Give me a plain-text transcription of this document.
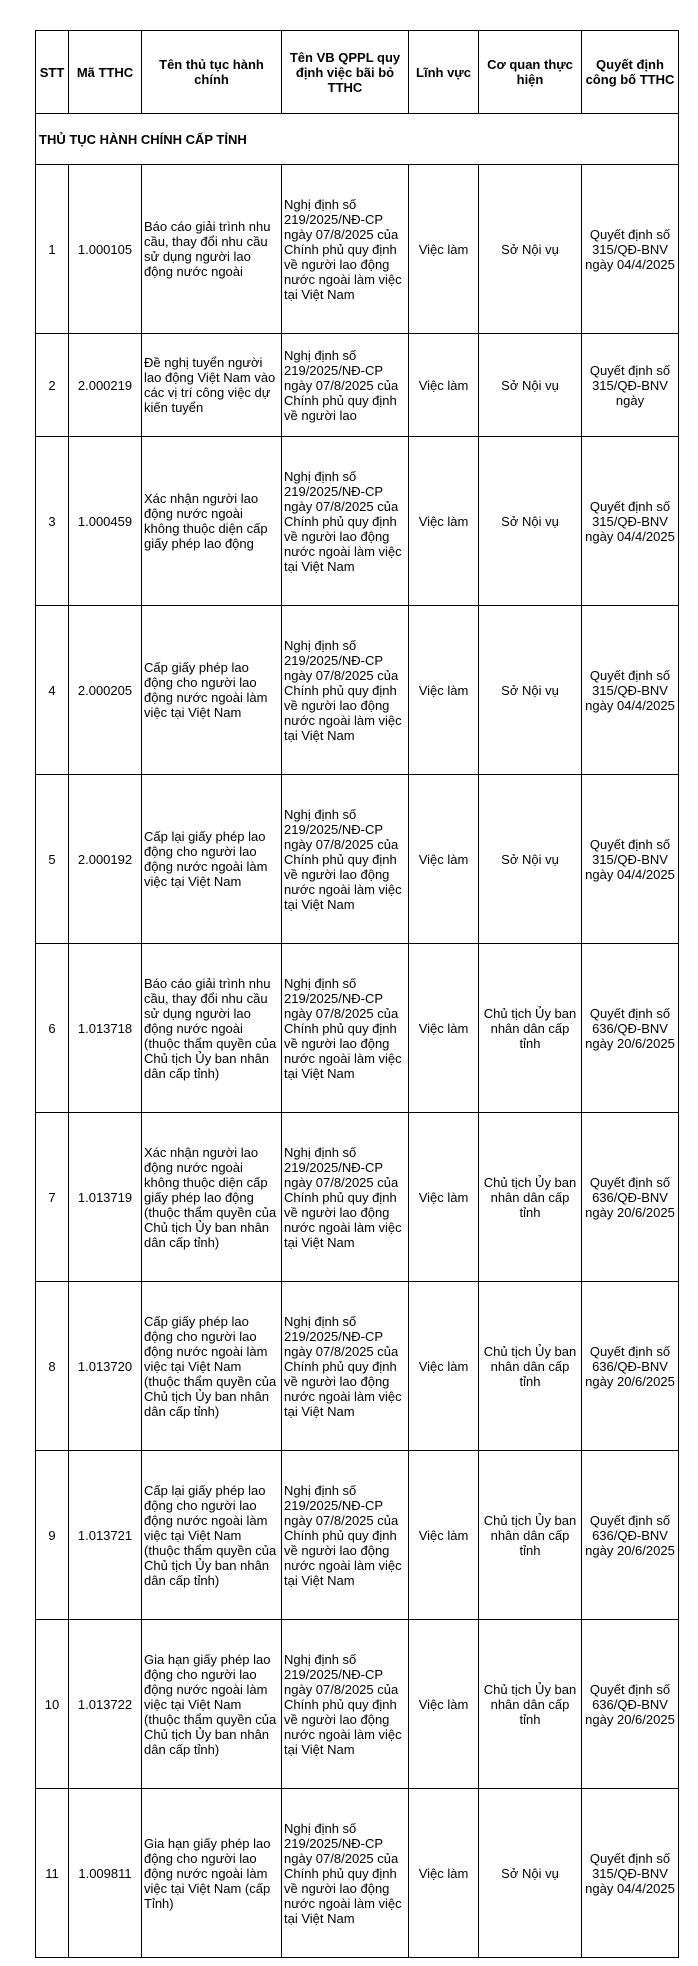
STT	Mã TTHC	Tên thủ tục hành chính	Tên VB QPPL quy định việc bãi bỏ TTHC	Lĩnh vực	Cơ quan thực hiện	Quyết định công bố TTHC
THỦ TỤC HÀNH CHÍNH CẤP TỈNH						

1	1.000105	Báo cáo giải trình nhu cầu, thay đổi nhu cầu sử dụng người lao động nước ngoài	Nghị định số 219/2025/NĐ-CP ngày 07/8/2025 của Chính phủ quy định về người lao động nước ngoài làm việc tại Việt Nam	Việc làm	Sở Nội vụ	Quyết định số 315/QĐ-BNV ngày 04/4/2025

2	2.000219	Đề nghị tuyển người lao động Việt Nam vào các vị trí công việc dự kiến tuyển	Nghị định số 219/2025/NĐ-CP ngày 07/8/2025 của Chính phủ quy định về người lao	Việc làm	Sở Nội vụ	Quyết định số 315/QĐ-BNV ngày

3	1.000459	Xác nhận người lao động nước ngoài không thuộc diện cấp giấy phép lao động	Nghị định số 219/2025/NĐ-CP ngày 07/8/2025 của Chính phủ quy định về người lao động nước ngoài làm việc tại Việt Nam	Việc làm	Sở Nội vụ	Quyết định số 315/QĐ-BNV ngày 04/4/2025

4	2.000205	Cấp giấy phép lao động cho người lao động nước ngoài làm việc tại Việt Nam	Nghị định số 219/2025/NĐ-CP ngày 07/8/2025 của Chính phủ quy định về người lao động nước ngoài làm việc tại Việt Nam	Việc làm	Sở Nội vụ	Quyết định số 315/QĐ-BNV ngày 04/4/2025

5	2.000192	Cấp lại giấy phép lao động cho người lao động nước ngoài làm việc tại Việt Nam	Nghị định số 219/2025/NĐ-CP ngày 07/8/2025 của Chính phủ quy định về người lao động nước ngoài làm việc tại Việt Nam	Việc làm	Sở Nội vụ	Quyết định số 315/QĐ-BNV ngày 04/4/2025

6	1.013718	Báo cáo giải trình nhu cầu, thay đổi nhu cầu sử dụng người lao động nước ngoài (thuộc thẩm quyền của Chủ tịch Ủy ban nhân dân cấp tỉnh)	Nghị định số 219/2025/NĐ-CP ngày 07/8/2025 của Chính phủ quy định về người lao động nước ngoài làm việc tại Việt Nam	Việc làm	Chủ tịch Ủy ban nhân dân cấp tỉnh	Quyết định số 636/QĐ-BNV ngày 20/6/2025

7	1.013719	Xác nhận người lao động nước ngoài không thuộc diện cấp giấy phép lao động (thuộc thẩm quyền của Chủ tịch Ủy ban nhân dân cấp tỉnh)	Nghị định số 219/2025/NĐ-CP ngày 07/8/2025 của Chính phủ quy định về người lao động nước ngoài làm việc tại Việt Nam	Việc làm	Chủ tịch Ủy ban nhân dân cấp tỉnh	Quyết định số 636/QĐ-BNV ngày 20/6/2025

8	1.013720	Cấp giấy phép lao động cho người lao động nước ngoài làm việc tại Việt Nam (thuộc thẩm quyền của Chủ tịch Ủy ban nhân dân cấp tỉnh)	Nghị định số 219/2025/NĐ-CP ngày 07/8/2025 của Chính phủ quy định về người lao động nước ngoài làm việc tại Việt Nam	Việc làm	Chủ tịch Ủy ban nhân dân cấp tỉnh	Quyết định số 636/QĐ-BNV ngày 20/6/2025

9	1.013721	Cấp lại giấy phép lao động cho người lao động nước ngoài làm việc tại Việt Nam (thuộc thẩm quyền của Chủ tịch Ủy ban nhân dân cấp tỉnh)	Nghị định số 219/2025/NĐ-CP ngày 07/8/2025 của Chính phủ quy định về người lao động nước ngoài làm việc tại Việt Nam	Việc làm	Chủ tịch Ủy ban nhân dân cấp tỉnh	Quyết định số 636/QĐ-BNV ngày 20/6/2025

10	1.013722	Gia hạn giấy phép lao động cho người lao động nước ngoài làm việc tại Việt Nam (thuộc thẩm quyền của Chủ tịch Ủy ban nhân dân cấp tỉnh)	Nghị định số 219/2025/NĐ-CP ngày 07/8/2025 của Chính phủ quy định về người lao động nước ngoài làm việc tại Việt Nam	Việc làm	Chủ tịch Ủy ban nhân dân cấp tỉnh	Quyết định số 636/QĐ-BNV ngày 20/6/2025

11	1.009811	Gia hạn giấy phép lao động cho người lao động nước ngoài làm việc tại Việt Nam (cấp Tỉnh)	Nghị định số 219/2025/NĐ-CP ngày 07/8/2025 của Chính phủ quy định về người lao động nước ngoài làm việc tại Việt Nam	Việc làm	Sở Nội vụ	Quyết định số 315/QĐ-BNV ngày 04/4/2025
